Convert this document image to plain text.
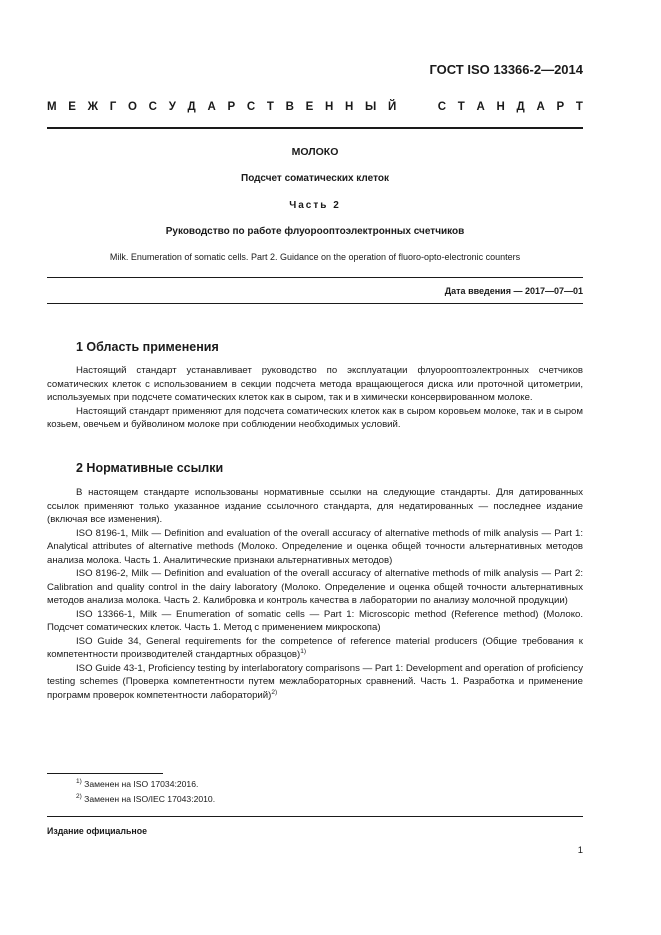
ГОСТ ISO 13366-2—2014
М Е Ж Г О С У Д А Р С Т В Е Н Н Ы Й

	С Т А Н Д А Р Т
МОЛОКО
Подсчет соматических клеток
Часть 2
Руководство по работе флуорооптоэлектронных счетчиков
Milk. Enumeration of somatic cells. Part 2. Guidance on the operation of fluoro-opto-electronic counters
Дата введения — 2017—07—01
1 Область применения

Настоящий стандарт устанавливает руководство по эксплуатации флуорооптоэлектронных счетчиков соматических клеток с использованием в секции подсчета метода вращающегося диска или проточной цитометрии, используемых при подсчете соматических клеток как в сыром, так и в химически консервированном молоке.

Настоящий стандарт применяют для подсчета соматических клеток как в сыром коровьем молоке, так и в сыром козьем, овечьем и буйволином молоке при соблюдении необходимых условий.

2 Нормативные ссылки

В настоящем стандарте использованы нормативные ссылки на следующие стандарты. Для датированных ссылок применяют только указанное издание ссылочного стандарта, для недатированных — последнее издание (включая все изменения).

ISO 8196-1, Milk — Definition and evaluation of the overall accuracy of alternative methods of milk analysis — Part 1: Analytical attributes of alternative methods (Молоко. Определение и оценка общей точности альтернативных методов анализа молока. Часть 1. Аналитические признаки альтернативных методов)

ISO 8196-2, Milk — Definition and evaluation of the overall accuracy of alternative methods of milk analysis — Part 2: Calibration and quality control in the dairy laboratory (Молоко. Определение и оценка общей точности альтернативных методов анализа молока. Часть 2. Калибровка и контроль качества в лаборатории по анализу молочной продукции)

ISO 13366-1, Milk — Enumeration of somatic cells — Part 1: Microscopic method (Reference method) (Молоко. Подсчет соматических клеток. Часть 1. Метод с применением микроскопа)

ISO Guide 34, General requirements for the competence of reference material producers (Общие требования к компетентности производителей стандартных образцов)$^{1)}$

ISO Guide 43-1, Proficiency testing by interlaboratory comparisons — Part 1: Development and operation of proficiency testing schemes (Проверка компетентности путем межлабораторных сравнений. Часть 1. Разработка и применение программ проверок компетентности лабораторий)$^{2)}$

$^{1)}$ Заменен на ISO 17034:2016.
$^{2)}$ Заменен на ISO/IEC 17043:2010.
Издание официальное
1
